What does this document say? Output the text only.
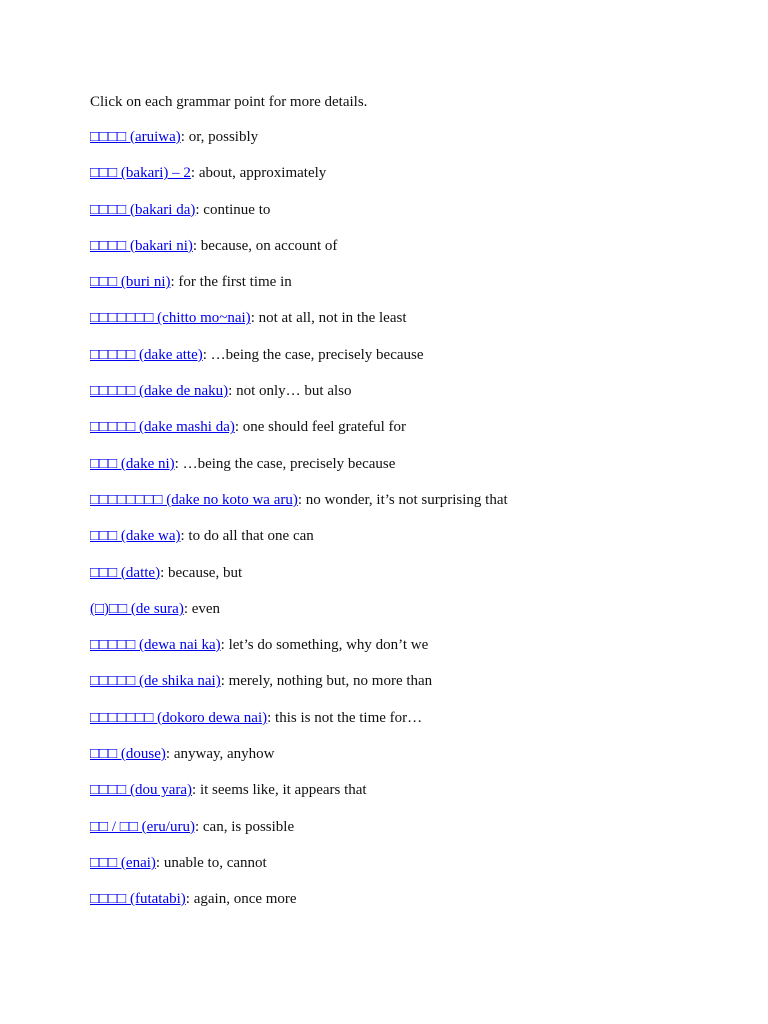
Click on each grammar point for more details.

□□□□ (aruiwa): or, possibly

□□□ (bakari) – 2: about, approximately

□□□□ (bakari da): continue to

□□□□ (bakari ni): because, on account of

□□□ (buri ni): for the first time in

□□□□□□□ (chitto mo~nai): not at all, not in the least

□□□□□ (dake atte): …being the case, precisely because

□□□□□ (dake de naku): not only… but also

□□□□□ (dake mashi da): one should feel grateful for

□□□ (dake ni): …being the case, precisely because

□□□□□□□□ (dake no koto wa aru): no wonder, it’s not surprising that

□□□ (dake wa): to do all that one can

□□□ (datte): because, but

(□)□□ (de sura): even

□□□□□ (dewa nai ka): let’s do something, why don’t we

□□□□□ (de shika nai): merely, nothing but, no more than

□□□□□□□ (dokoro dewa nai): this is not the time for…

□□□ (douse): anyway, anyhow

□□□□ (dou yara): it seems like, it appears that

□□ / □□ (eru/uru): can, is possible

□□□ (enai): unable to, cannot

□□□□ (futatabi): again, once more
